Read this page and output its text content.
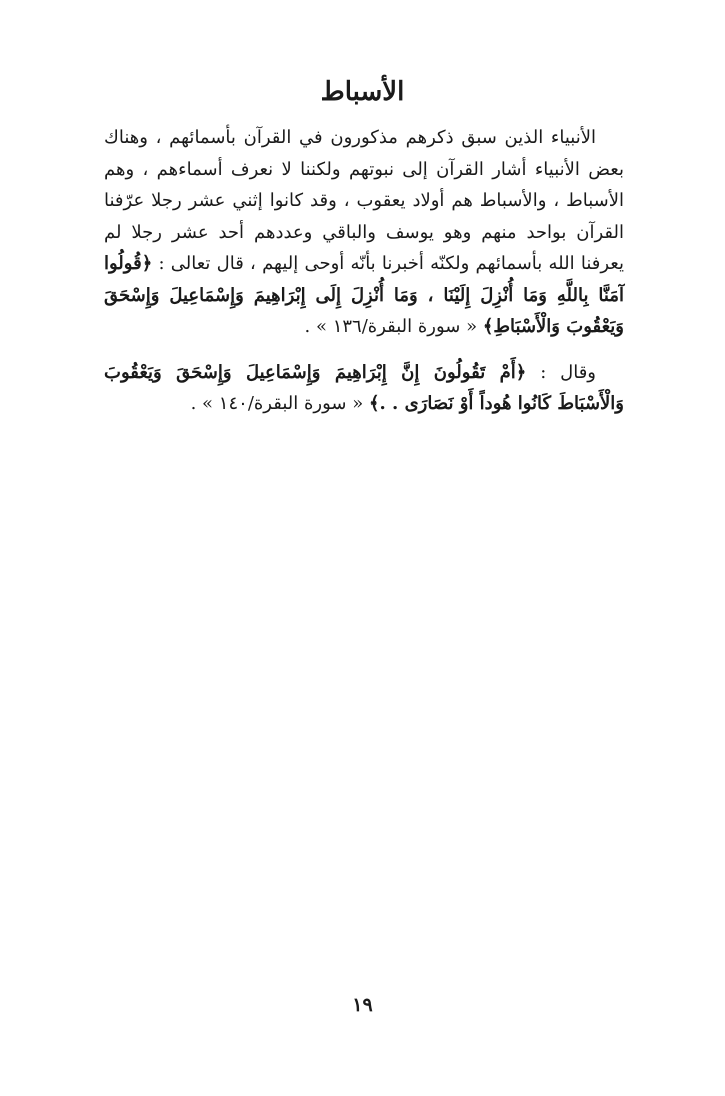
الأسباط

الأنبياء الذين سبق ذكرهم مذكورون في القرآن بأسمائهم ، وهناك بعض الأنبياء أشار القرآن إلى نبوتهم ولكننا لا نعرف أسماءهم ، وهم الأسباط ، والأسباط هم أولاد يعقوب ، وقد كانوا إثني عشر رجلا عرّفنا القرآن بواحد منهم وهو يوسف والباقي وعددهم أحد عشر رجلا لم يعرفنا الله بأسمائهم ولكنّه أخبرنا بأنّه أوحى إليهم ، قال تعالى : ﴿قُولُوا آمَنَّا بِاللَّهِ وَمَا أُنْزِلَ إِلَيْنَا ، وَمَا أُنْزِلَ إِلَى إِبْرَاهِيمَ وَإِسْمَاعِيلَ وَإِسْحَقَ وَيَعْقُوبَ وَالْأَسْبَاطِ﴾ « سورة البقرة/١٣٦ » .

وقال : ﴿أَمْ تَقُولُونَ إِنَّ إِبْرَاهِيمَ وَإِسْمَاعِيلَ وَإِسْحَقَ وَيَعْقُوبَ وَالْأَسْبَاطَ كَانُوا هُوداً أَوْ نَصَارَى . .﴾ « سورة البقرة/١٤٠ » .

١٩
